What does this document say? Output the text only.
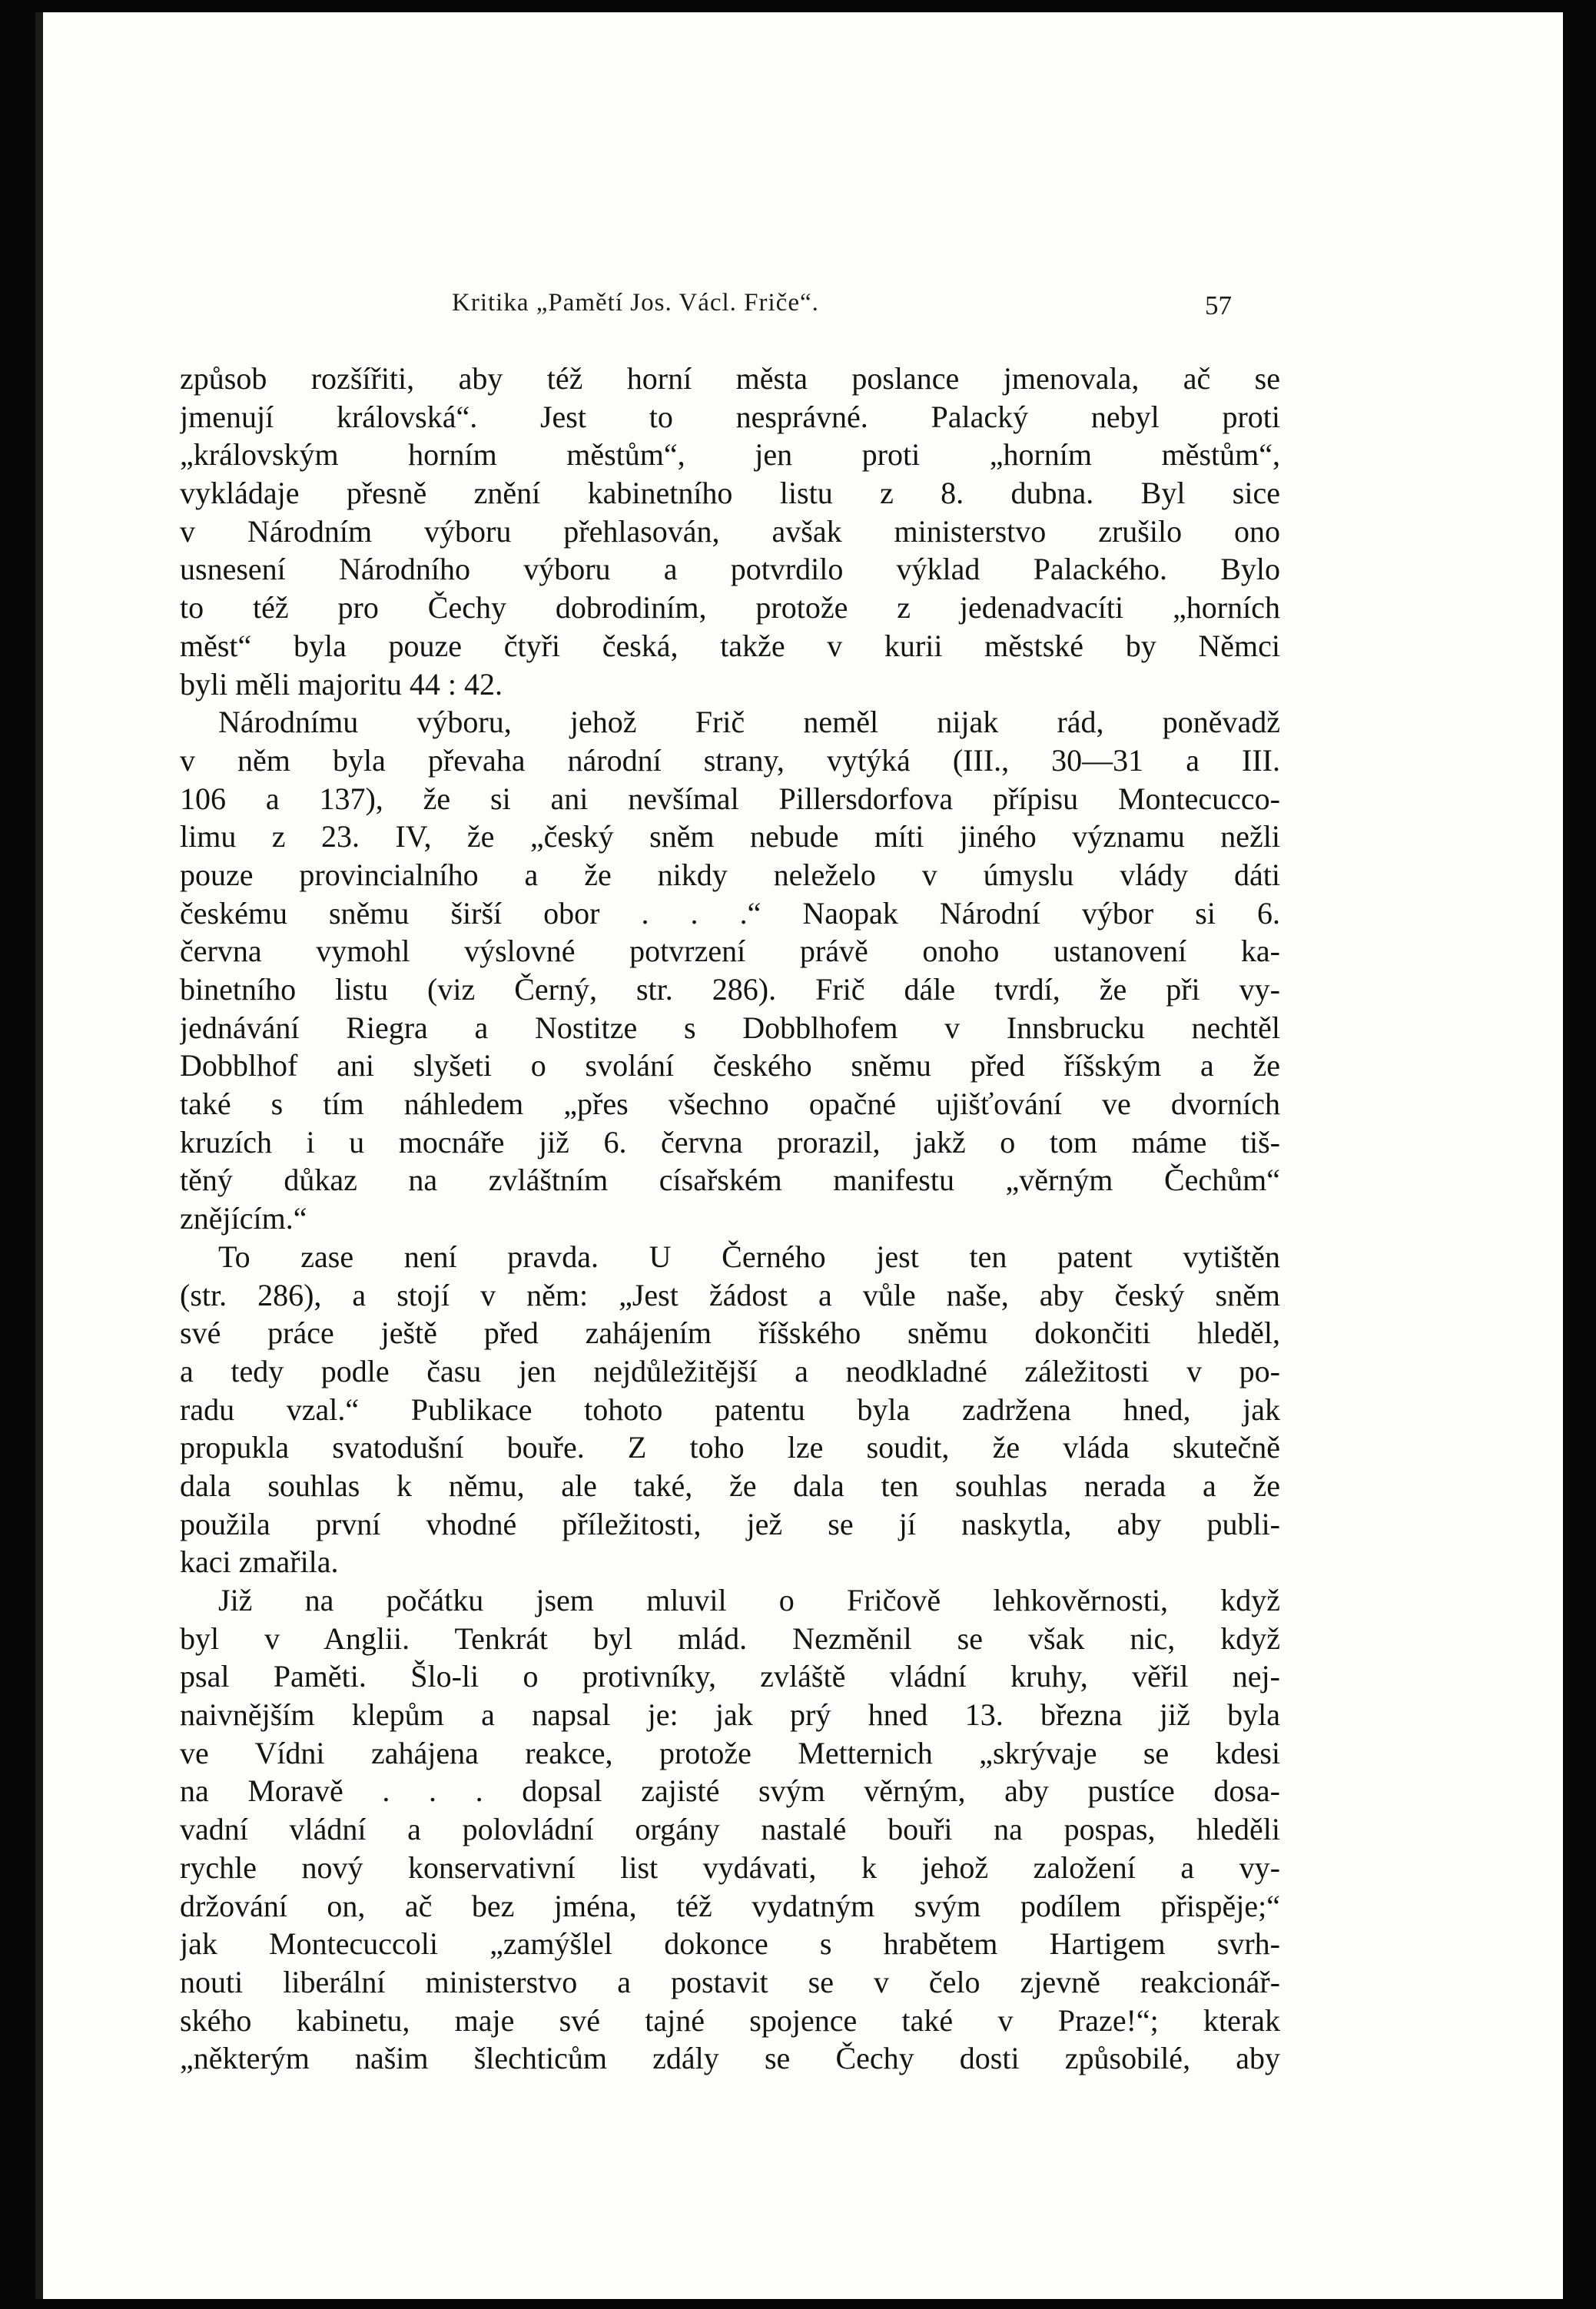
Kritika „Pamětí Jos. Václ. Friče“.	57
způsob rozšířiti, aby též horní města poslance jmenovala, ač se
jmenují královská“. Jest to nesprávné. Palacký nebyl proti
„královským horním městům“, jen proti „horním městům“,
vykládaje přesně znění kabinetního listu z 8. dubna. Byl sice
v Národním výboru přehlasován, avšak ministerstvo zrušilo ono
usnesení Národního výboru a potvrdilo výklad Palackého. Bylo
to též pro Čechy dobrodiním, protože z jedenadvacíti „horních
měst“ byla pouze čtyři česká, takže v kurii městské by Němci
byli měli majoritu 44 : 42.
Národnímu výboru, jehož Frič neměl nijak rád, poněvadž
v něm byla převaha národní strany, vytýká (III., 30—31 a III.
106 a 137), že si ani nevšímal Pillersdorfova přípisu Montecucco-
limu z 23. IV, že „český sněm nebude míti jiného významu nežli
pouze provincialního a že nikdy neleželo v úmyslu vlády dáti
českému sněmu širší obor . . .“ Naopak Národní výbor si 6.
června vymohl výslovné potvrzení právě onoho ustanovení ka-
binetního listu (viz Černý, str. 286). Frič dále tvrdí, že při vy-
jednávání Riegra a Nostitze s Dobblhofem v Innsbrucku nechtěl
Dobblhof ani slyšeti o svolání českého sněmu před říšským a že
také s tím náhledem „přes všechno opačné ujišťování ve dvorních
kruzích i u mocnáře již 6. června prorazil, jakž o tom máme tiš-
těný důkaz na zvláštním císařském manifestu „věrným Čechům“
znějícím.“
To zase není pravda. U Černého jest ten patent vytištěn
(str. 286), a stojí v něm: „Jest žádost a vůle naše, aby český sněm
své práce ještě před zahájením říšského sněmu dokončiti hleděl,
a tedy podle času jen nejdůležitější a neodkladné záležitosti v po-
radu vzal.“ Publikace tohoto patentu byla zadržena hned, jak
propukla svatodušní bouře. Z toho lze soudit, že vláda skutečně
dala souhlas k němu, ale také, že dala ten souhlas nerada a že
použila první vhodné příležitosti, jež se jí naskytla, aby publi-
kaci zmařila.
Již na počátku jsem mluvil o Fričově lehkověrnosti, když
byl v Anglii. Tenkrát byl mlád. Nezměnil se však nic, když
psal Paměti. Šlo-li o protivníky, zvláště vládní kruhy, věřil nej-
naivnějším klepům a napsal je: jak prý hned 13. března již byla
ve Vídni zahájena reakce, protože Metternich „skrývaje se kdesi
na Moravě . . . dopsal zajisté svým věrným, aby pustíce dosa-
vadní vládní a polovládní orgány nastalé bouři na pospas, hleděli
rychle nový konservativní list vydávati, k jehož založení a vy-
držování on, ač bez jména, též vydatným svým podílem přispěje;“
jak Montecuccoli „zamýšlel dokonce s hrabětem Hartigem svrh-
nouti liberální ministerstvo a postavit se v čelo zjevně reakcionář-
ského kabinetu, maje své tajné spojence také v Praze!“; kterak
„některým našim šlechticům zdály se Čechy dosti způsobilé, aby
